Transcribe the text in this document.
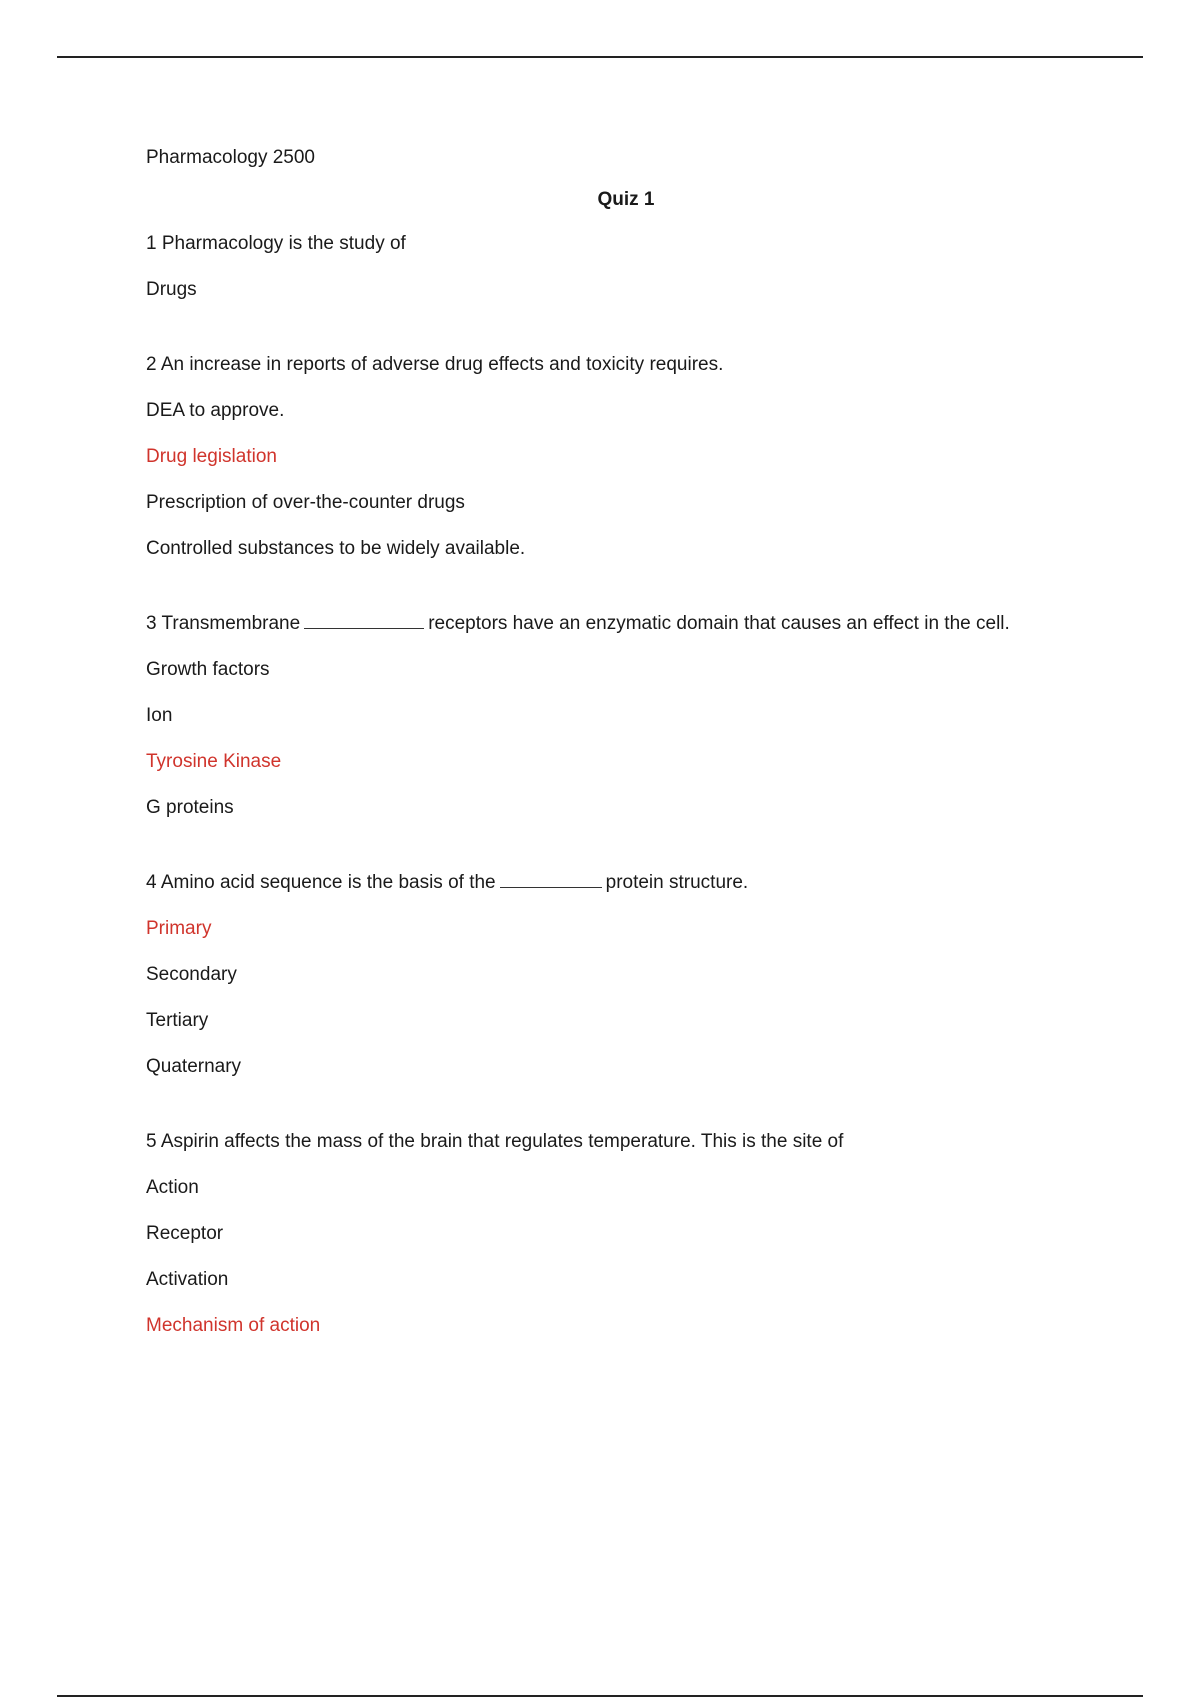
Pharmacology 2500

Quiz 1

1 Pharmacology is the study of

Drugs

2 An increase in reports of adverse drug effects and toxicity requires.

DEA to approve.

Drug legislation

Prescription of over-the-counter drugs

Controlled substances to be widely available.

3 Transmembrane	receptors have an enzymatic domain that causes an effect in the cell.

Growth factors

Ion

Tyrosine Kinase

G proteins

4 Amino acid sequence is the basis of the	protein structure.

Primary

Secondary

Tertiary

Quaternary

5 Aspirin affects the mass of the brain that regulates temperature. This is the site of

Action

Receptor

Activation

Mechanism of action
